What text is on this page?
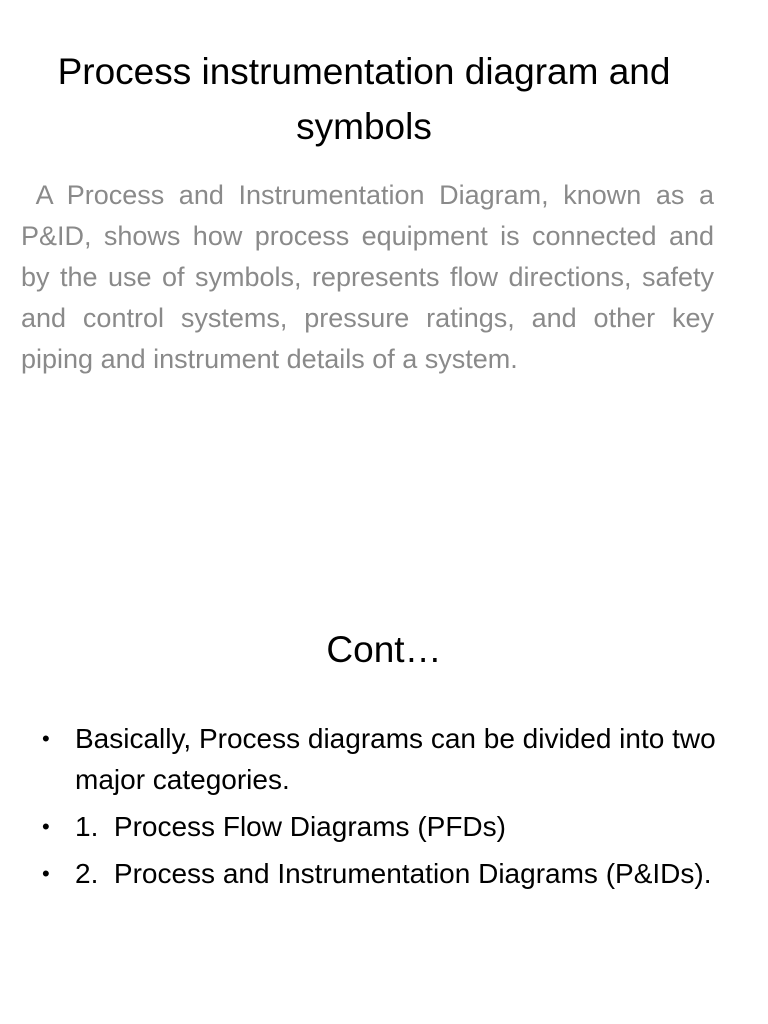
Process instrumentation diagram and symbols

A Process and Instrumentation Diagram, known as a P&ID, shows how process equipment is connected and by the use of symbols, represents flow directions, safety and control systems, pressure ratings, and other key piping and instrument details of a system.

Cont…
• Basically, Process diagrams can be divided into two major categories.
• 1.  Process Flow Diagrams (PFDs)
• 2.  Process and Instrumentation Diagrams (P&IDs).
